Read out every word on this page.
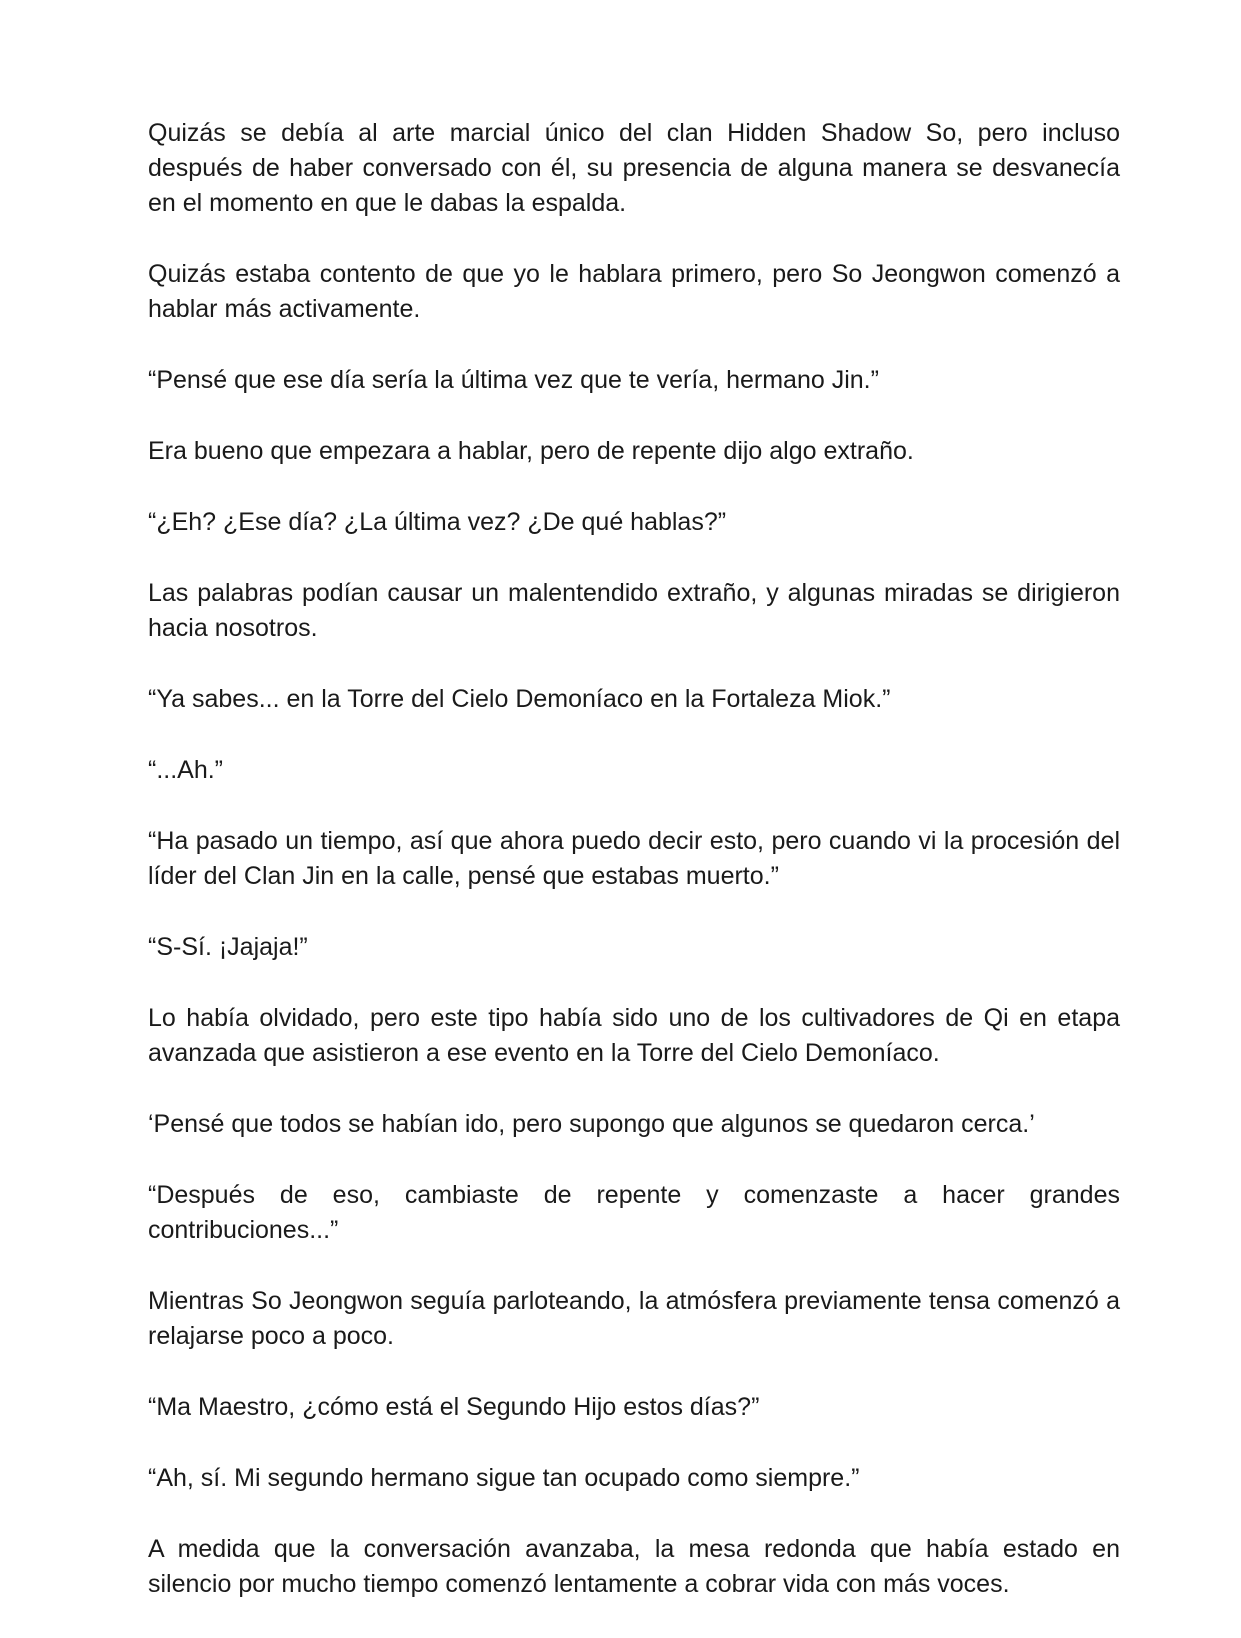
Quizás se debía al arte marcial único del clan Hidden Shadow So, pero incluso después de haber conversado con él, su presencia de alguna manera se desvanecía en el momento en que le dabas la espalda.

Quizás estaba contento de que yo le hablara primero, pero So Jeongwon comenzó a hablar más activamente.

“Pensé que ese día sería la última vez que te vería, hermano Jin.”

Era bueno que empezara a hablar, pero de repente dijo algo extraño.

“¿Eh? ¿Ese día? ¿La última vez? ¿De qué hablas?”

Las palabras podían causar un malentendido extraño, y algunas miradas se dirigieron hacia nosotros.

“Ya sabes... en la Torre del Cielo Demoníaco en la Fortaleza Miok.”

“...Ah.”

“Ha pasado un tiempo, así que ahora puedo decir esto, pero cuando vi la procesión del líder del Clan Jin en la calle, pensé que estabas muerto.”

“S-Sí. ¡Jajaja!”

Lo había olvidado, pero este tipo había sido uno de los cultivadores de Qi en etapa avanzada que asistieron a ese evento en la Torre del Cielo Demoníaco.

‘Pensé que todos se habían ido, pero supongo que algunos se quedaron cerca.’

“Después de eso, cambiaste de repente y comenzaste a hacer grandes contribuciones...”

Mientras So Jeongwon seguía parloteando, la atmósfera previamente tensa comenzó a relajarse poco a poco.

“Ma Maestro, ¿cómo está el Segundo Hijo estos días?”

“Ah, sí. Mi segundo hermano sigue tan ocupado como siempre.”

A medida que la conversación avanzaba, la mesa redonda que había estado en silencio por mucho tiempo comenzó lentamente a cobrar vida con más voces.
